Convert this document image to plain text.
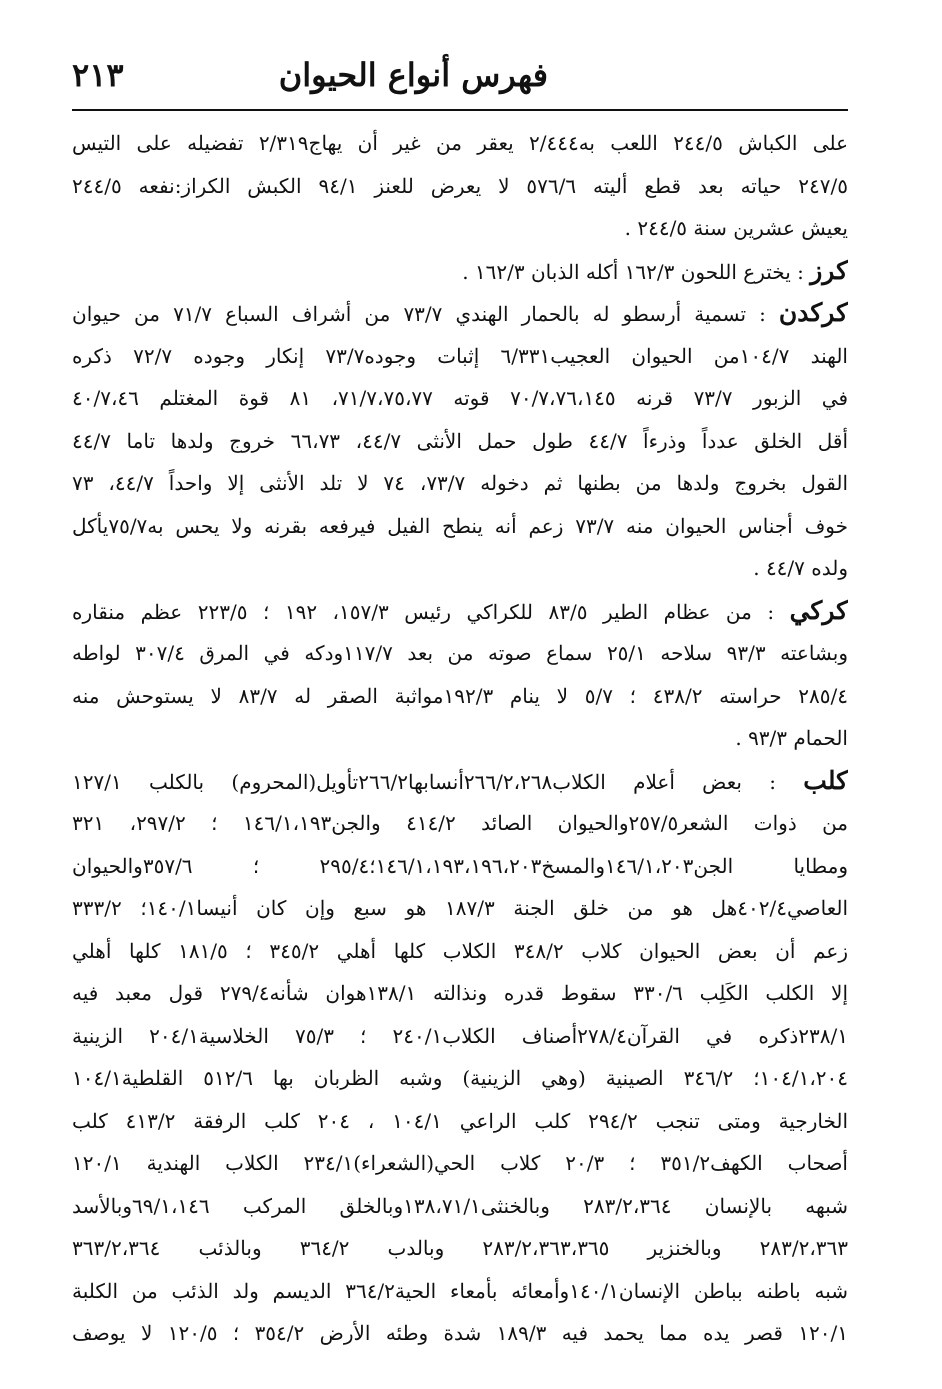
فهرس أنواع الحيوان
٢١٣
على الكباش ٢٤٤/٥ اللعب به٢/٤٤٤ يعقر من غير أن يهاج٢/٣١٩ تفضيله على التيس
٢٤٧/٥ حياته بعد قطع أليته ٥٧٦/٦ لا يعرض للعنز ٩٤/١ الكبش الكراز:نفعه ٢٤٤/٥
يعيش عشرين سنة ٢٤٤/٥ .
كرز : يخترع اللحون ١٦٢/٣ أكله الذبان ١٦٢/٣ .
كركدن : تسمية أرسطو له بالحمار الهندي ٧٣/٧ من أشراف السباع ٧١/٧ من حيوان
الهند ١٠٤/٧من الحيوان العجيب٦/٣٣١ إثبات وجوده٧٣/٧ إنكار وجوده ٧٢/٧ ذكره
في الزبور ٧٣/٧ قرنه ٧٠/٧،٧٦،١٤٥ قوته ٧١/٧،٧٥،٧٧، ٨١ قوة المغتلم ٤٠/٧،٤٦
أقل الخلق عدداً وذرءاً ٤٤/٧ طول حمل الأنثى ٤٤/٧، ٦٦،٧٣ خروج ولدها تاما ٤٤/٧
القول بخروج ولدها من بطنها ثم دخوله ٧٣/٧، ٧٤ لا تلد الأنثى إلا واحداً ٤٤/٧، ٧٣
خوف أجناس الحيوان منه ٧٣/٧ زعم أنه ينطح الفيل فيرفعه بقرنه ولا يحس به٧٥/٧يأكل
ولده ٤٤/٧ .
كركي : من عظام الطير ٨٣/٥ للكراكي رئيس ١٥٧/٣، ١٩٢ ؛ ٢٢٣/٥ عظم منقاره
وبشاعته ٩٣/٣ سلاحه ٢٥/١ سماع صوته من بعد ١١٧/٧ودكه في المرق ٣٠٧/٤ لواطه
٢٨٥/٤ حراسته ٤٣٨/٢ ؛ ٥/٧ لا ينام ١٩٢/٣مواثبة الصقر له ٨٣/٧ لا يستوحش منه
الحمام ٩٣/٣ .
كلب : بعض أعلام الكلاب٢٦٦/٢،٢٦٨أنسابها٢٦٦/٢تأويل(المحروم) بالكلب ١٢٧/١
من ذوات الشعر٢٥٧/٥والحيوان الصائد ٤١٤/٢ والجن١٤٦/١،١٩٣ ؛ ٢٩٧/٢، ٣٢١
ومطايا الجن١٤٦/١،٢٠٣والمسخ١٤٦/١،١٩٣،١٩٦،٢٠٣؛٢٩٥/٤ ؛ ٣٥٧/٦والحيوان
العاصي٤٠٢/٤هل هو من خلق الجنة ١٨٧/٣ هو سبع وإن كان أنيسا١٤٠/١؛ ٣٣٣/٢
زعم أن بعض الحيوان كلاب ٣٤٨/٢ الكلاب كلها أهلي ٣٤٥/٢ ؛ ١٨١/٥ كلها أهلي
إلا الكلب الكَلِب ٣٣٠/٦ سقوط قدره ونذالته ١٣٨/١هوان شأنه٢٧٩/٤ قول معبد فيه
٢٣٨/١ذكره في القرآن٢٧٨/٤أصناف الكلاب٢٤٠/١ ؛ ٧٥/٣ الخلاسية٢٠٤/١ الزينية
١٠٤/١،٢٠٤؛ ٣٤٦/٢ الصينية (وهي الزينية) وشبه الظربان بها ٥١٢/٦ القلطية١٠٤/١
الخارجية ومتى تنجب ٢٩٤/٢ كلب الراعي ١٠٤/١ ، ٢٠٤ كلب الرفقة ٤١٣/٢ كلب
أصحاب الكهف٣٥١/٢ ؛ ٢٠/٣ كلاب الحي(الشعراء)٢٣٤/١ الكلاب الهندية ١٢٠/١
شبهه بالإنسان ٢٨٣/٢،٣٦٤ وبالخنثى١٣٨،٧١/١وبالخلق المركب ٦٩/١،١٤٦وبالأسد
٢٨٣/٢،٣٦٣ وبالخنزير ٢٨٣/٢،٣٦٣،٣٦٥ وبالدب ٣٦٤/٢ وبالذئب ٣٦٣/٢،٣٦٤
شبه باطنه بباطن الإنسان١٤٠/١وأمعائه بأمعاء الحية٣٦٤/٢ الديسم ولد الذئب من الكلبة
١٢٠/١ قصر يده مما يحمد فيه ١٨٩/٣ شدة وطئه الأرض ٣٥٤/٢ ؛ ١٢٠/٥ لا يوصف
